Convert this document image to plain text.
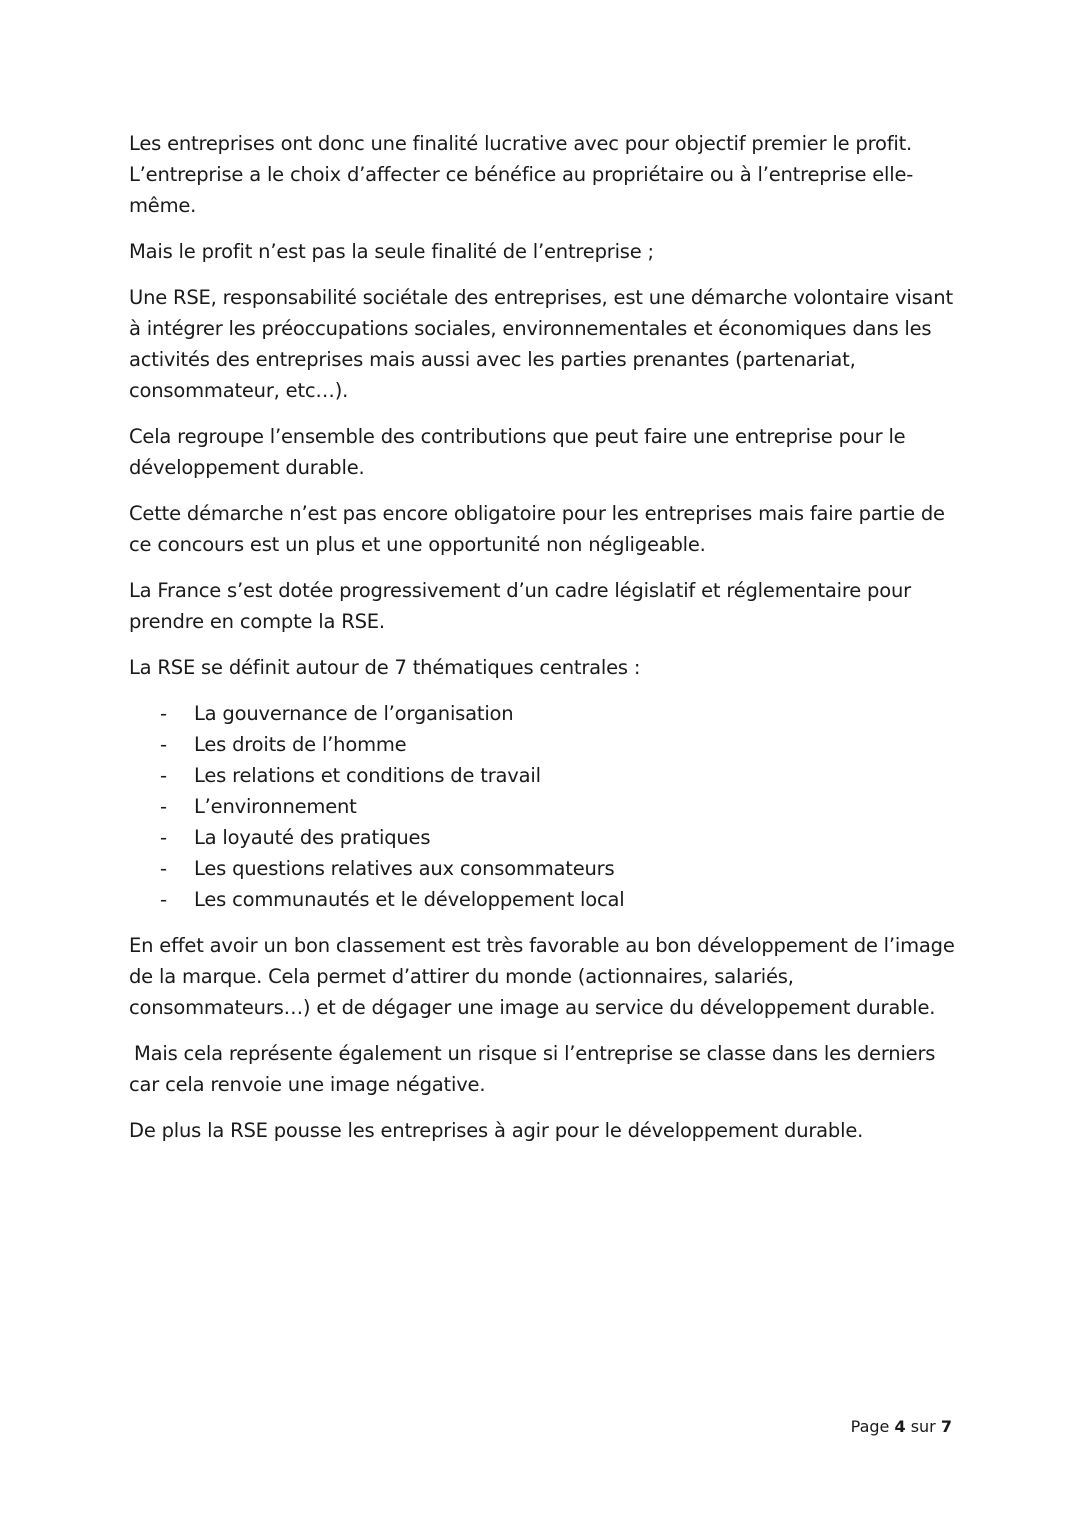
Les entreprises ont donc une finalité lucrative avec pour objectif premier le profit. L’entreprise a le choix d’affecter ce bénéfice au propriétaire ou à l’entreprise elle-même.

Mais le profit n’est pas la seule finalité de l’entreprise ;

Une RSE, responsabilité sociétale des entreprises, est une démarche volontaire visant à intégrer les préoccupations sociales, environnementales et économiques dans les activités des entreprises mais aussi avec les parties prenantes (partenariat, consommateur, etc…).

Cela regroupe l’ensemble des contributions que peut faire une entreprise pour le développement durable.

Cette démarche n’est pas encore obligatoire pour les entreprises mais faire partie de ce concours est un plus et une opportunité non négligeable.

La France s’est dotée progressivement d’un cadre législatif et réglementaire pour prendre en compte la RSE.

La RSE se définit autour de 7 thématiques centrales :

- La gouvernance de l’organisation
- Les droits de l’homme
- Les relations et conditions de travail
- L’environnement
- La loyauté des pratiques
- Les questions relatives aux consommateurs
- Les communautés et le développement local

En effet avoir un bon classement est très favorable au bon développement de l’image de la marque. Cela permet d’attirer du monde (actionnaires, salariés, consommateurs…) et de dégager une image au service du développement durable.

Mais cela représente également un risque si l’entreprise se classe dans les derniers car cela renvoie une image négative.

De plus la RSE pousse les entreprises à agir pour le développement durable.

Page 4 sur 7
